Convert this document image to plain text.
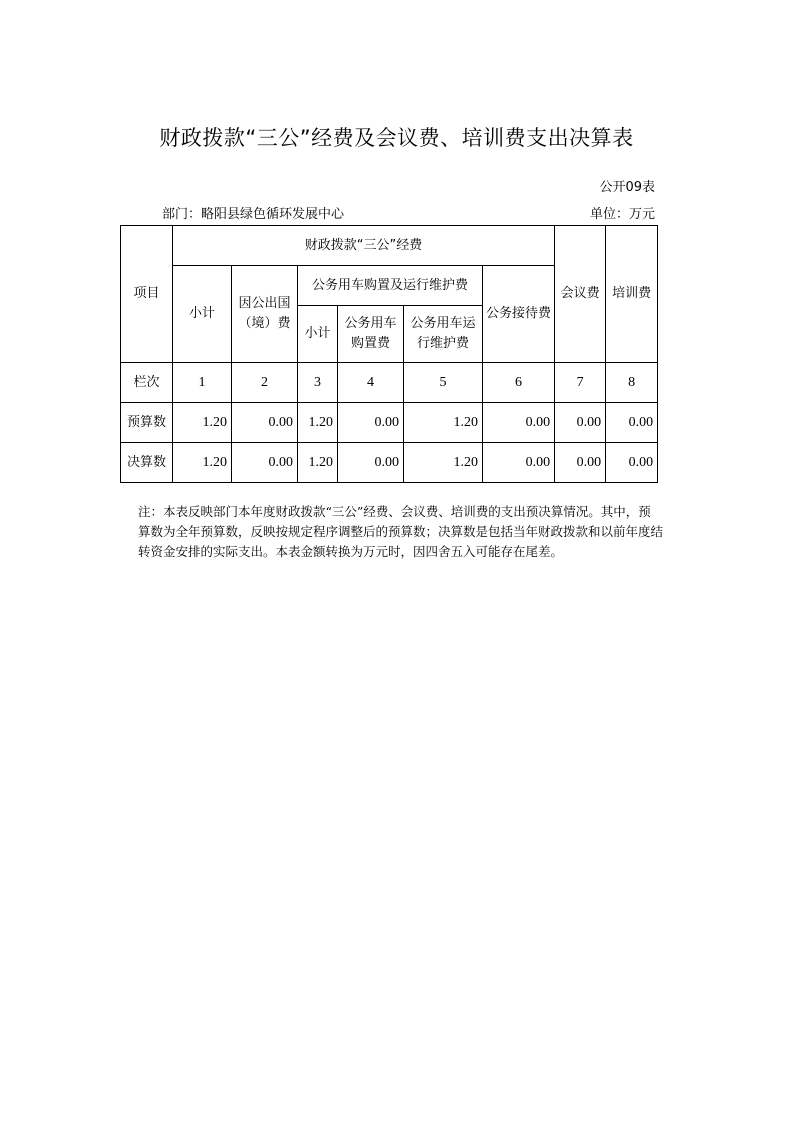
财政拨款“三公”经费及会议费、培训费支出决算表
公开09表
部门：略阳县绿色循环发展中心	单位：万元
项目	财政拨款“三公”经费						会议费	培训费
	小计	因公出国（境）费	公务用车购置及运行维护费			公务接待费		
			小计	公务用车购置费	公务用车运行维护费			

栏次	1	2	3	4	5	6	7	8
预算数	1.20	0.00	1.20	0.00	1.20	0.00	0.00	0.00
决算数	1.20	0.00	1.20	0.00	1.20	0.00	0.00	0.00
注：本表反映部门本年度财政拨款“三公”经费、会议费、培训费的支出预决算情况。其中，预算数为全年预算数，反映按规定程序调整后的预算数；决算数是包括当年财政拨款和以前年度结转资金安排的实际支出。本表金额转换为万元时，因四舍五入可能存在尾差。
